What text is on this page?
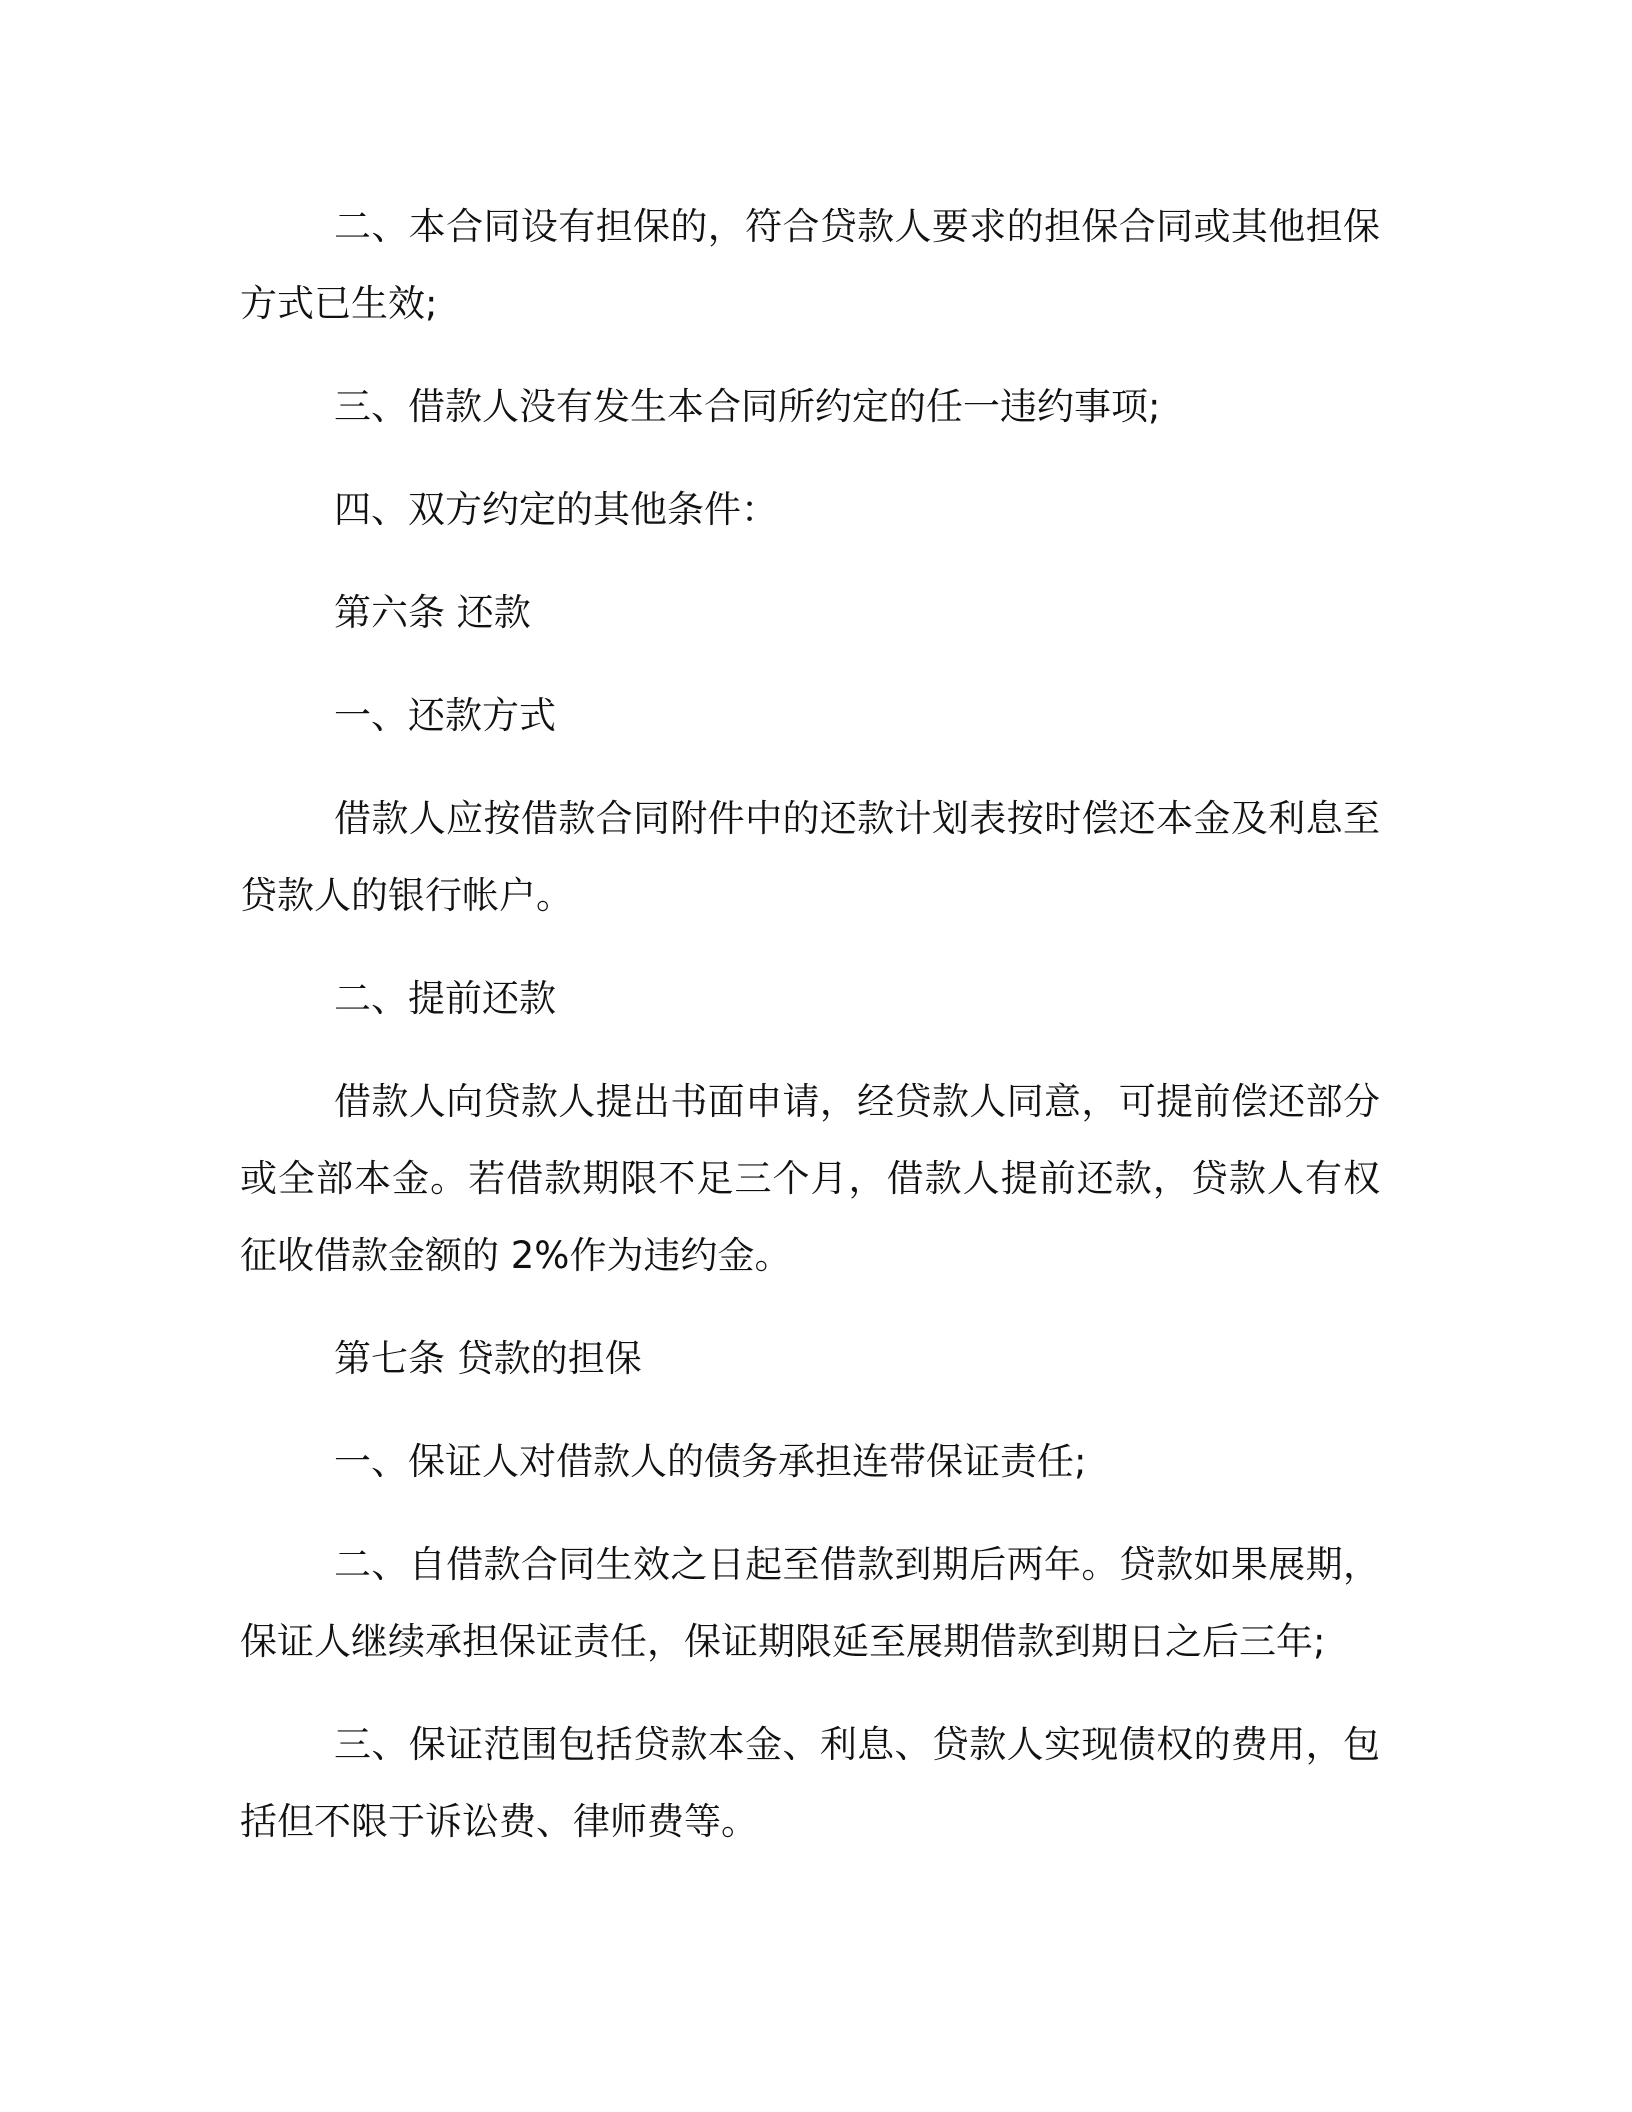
二、本合同设有担保的，符合贷款人要求的担保合同或其他担保方式已生效;

三、借款人没有发生本合同所约定的任一违约事项;

四、双方约定的其他条件：

第六条 还款

一、还款方式

借款人应按借款合同附件中的还款计划表按时偿还本金及利息至贷款人的银行帐户。

二、提前还款

借款人向贷款人提出书面申请，经贷款人同意，可提前偿还部分或全部本金。若借款期限不足三个月，借款人提前还款，贷款人有权征收借款金额的 2%作为违约金。

第七条 贷款的担保

一、保证人对借款人的债务承担连带保证责任;

二、自借款合同生效之日起至借款到期后两年。贷款如果展期，保证人继续承担保证责任，保证期限延至展期借款到期日之后三年;

三、保证范围包括贷款本金、利息、贷款人实现债权的费用，包括但不限于诉讼费、律师费等。
